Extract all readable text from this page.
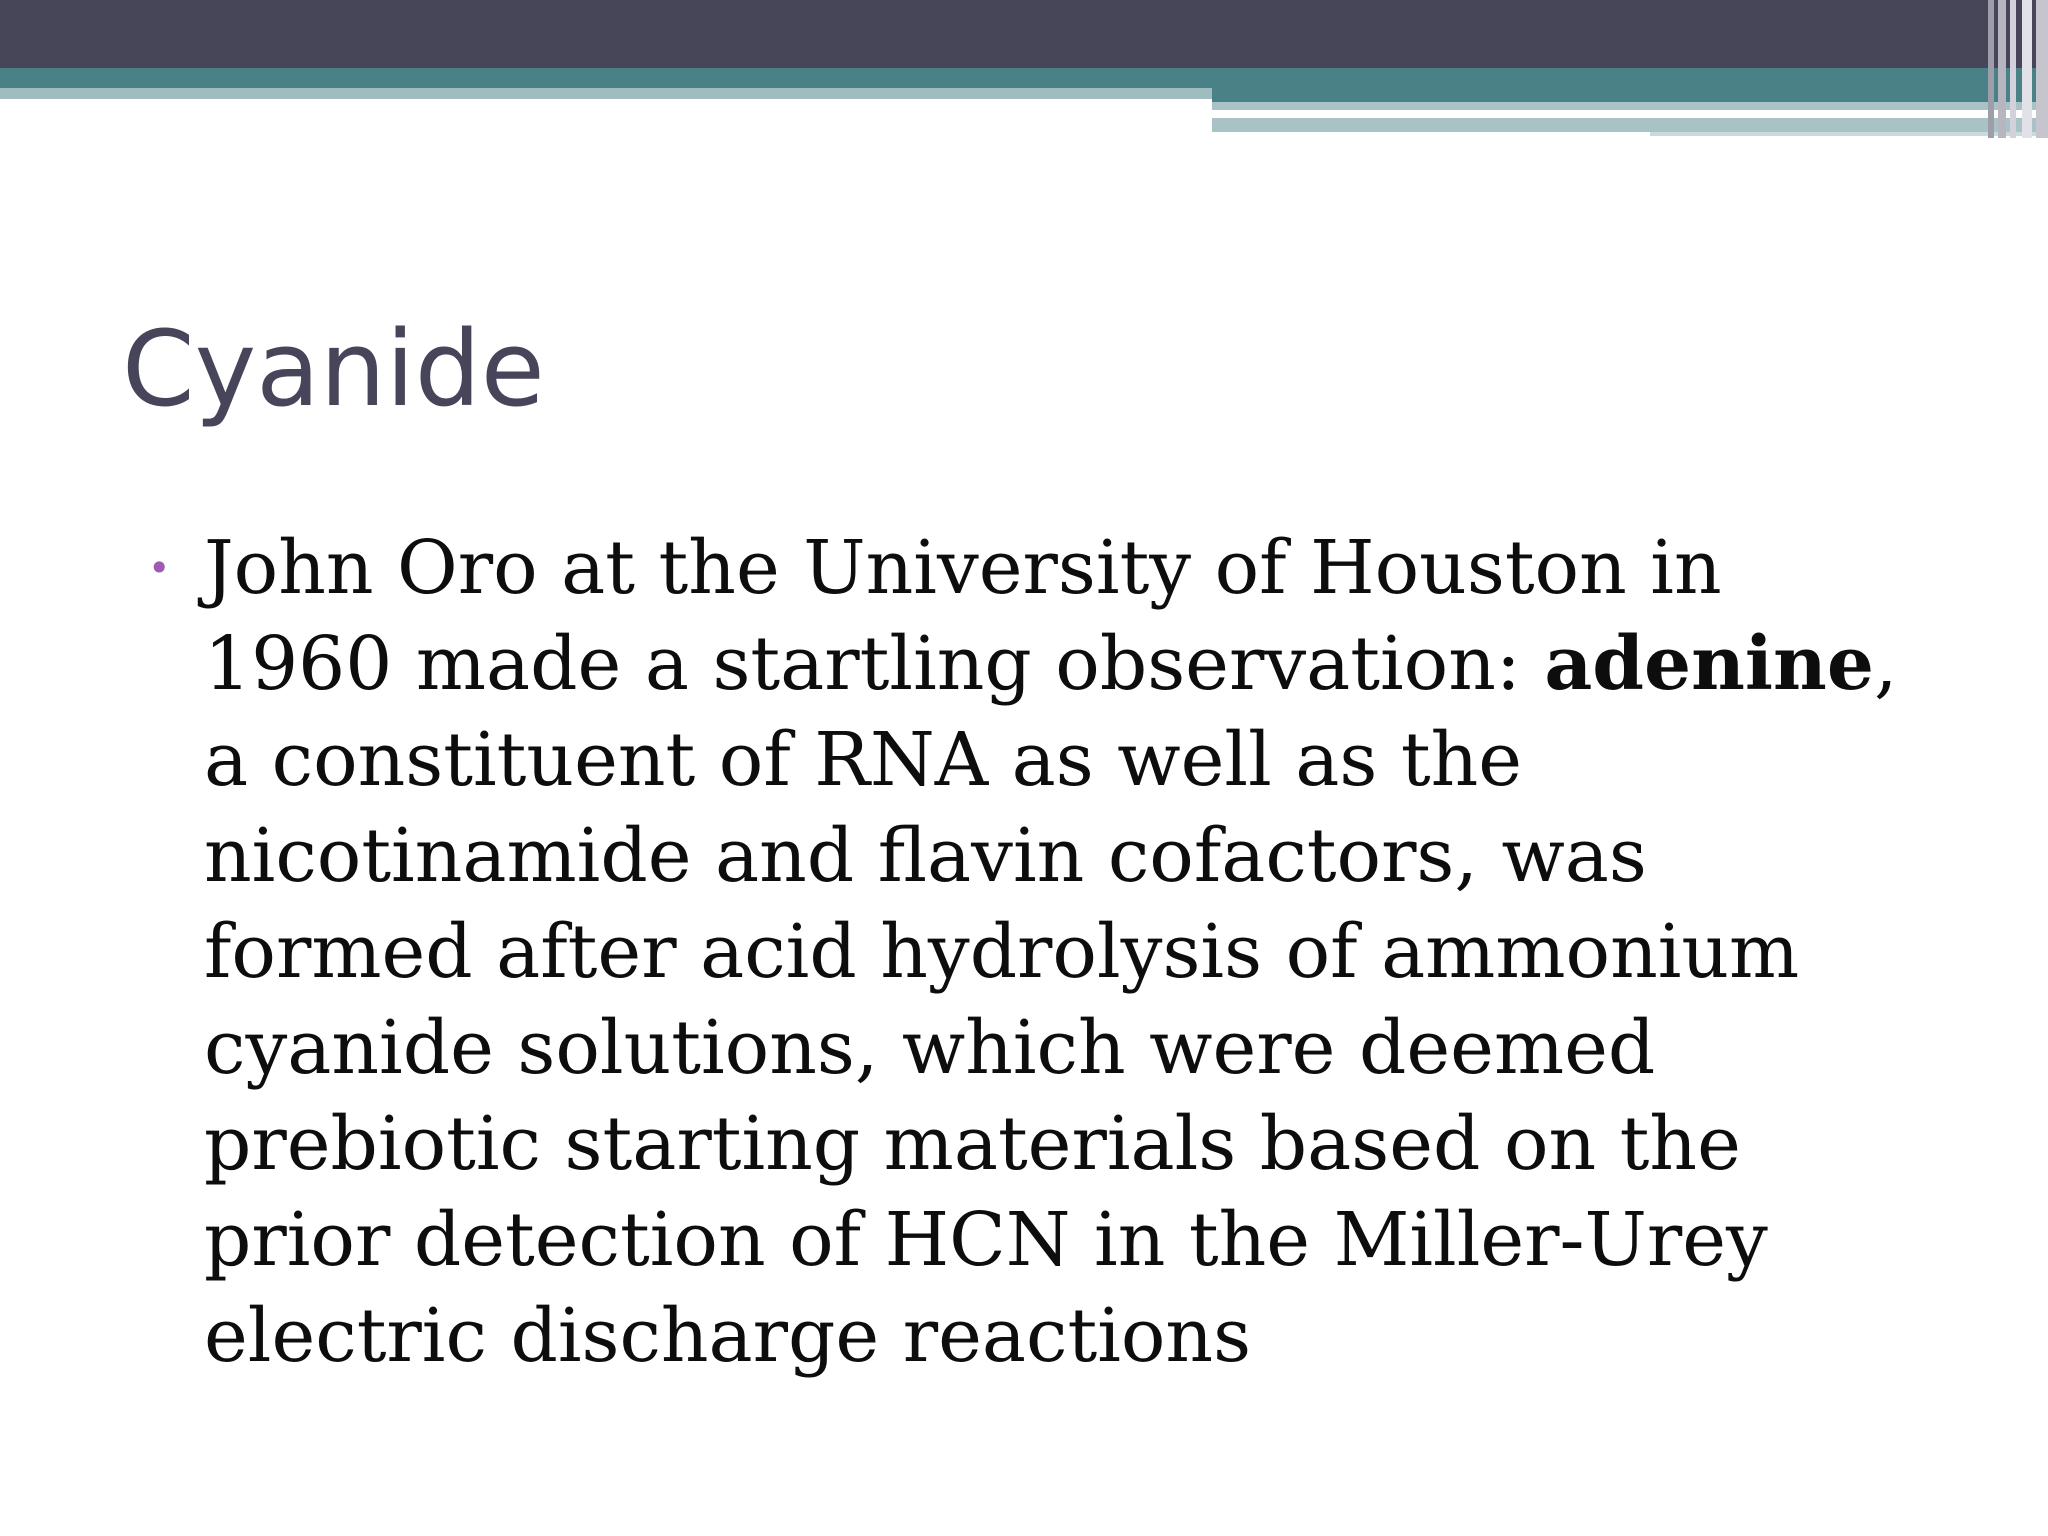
Cyanide
• John Oro at the University of Houston in 1960 made a startling observation: adenine, a constituent of RNA as well as the nicotinamide and flavin cofactors, was formed after acid hydrolysis of ammonium cyanide solutions, which were deemed prebiotic starting materials based on the prior detection of HCN in the Miller-Urey electric discharge reactions
